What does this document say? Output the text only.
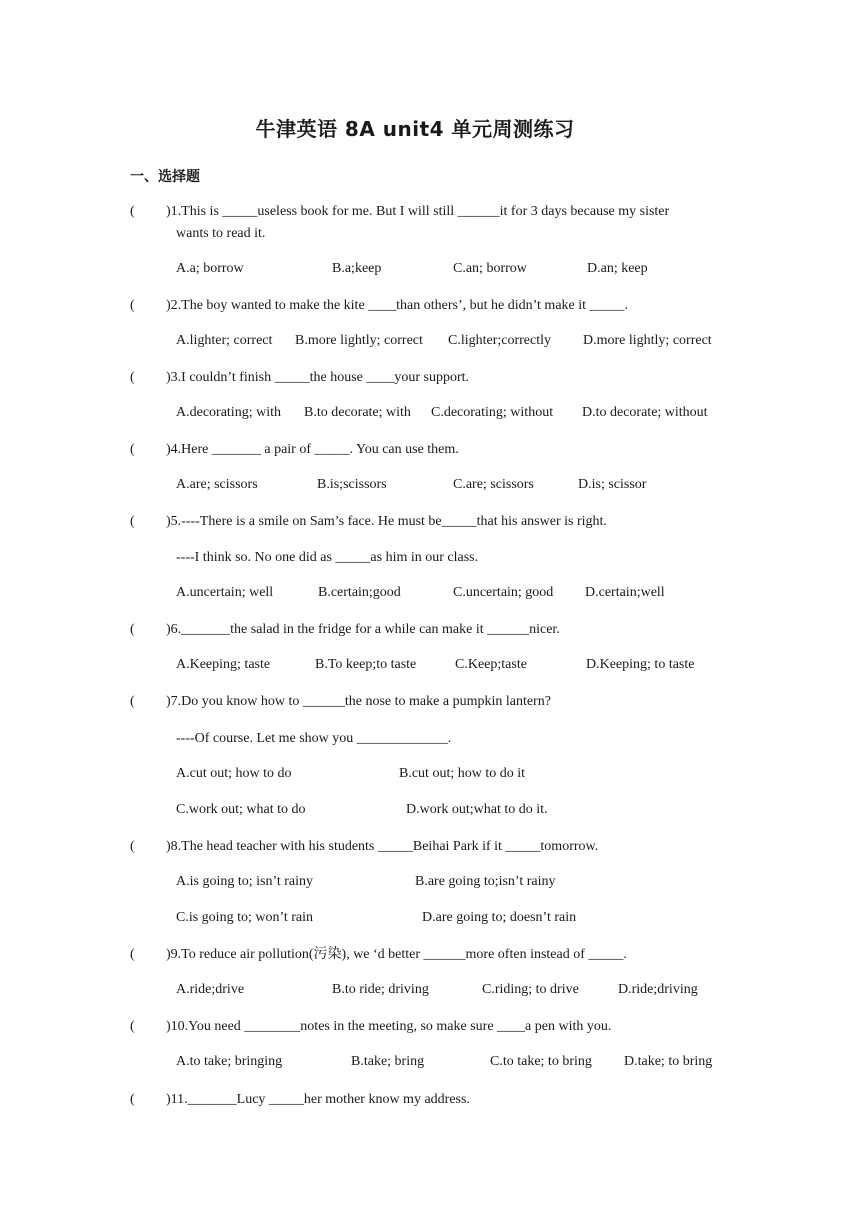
牛津英语 8A unit4 单元周测练习
一、选择题
( )1.This is _____useless book for me. But I will still ______it for 3 days because my sister
wants to read it.
A.a; borrow	B.a;keep	C.an; borrow	D.an; keep
( )2.The boy wanted to make the kite ____than others’, but he didn’t make it _____.
A.lighter; correct B.more lightly; correct C.lighter;correctly D.more lightly; correct
( )3.I couldn’t finish _____the house ____your support.
A.decorating; with B.to decorate; with C.decorating; without D.to decorate; without
( )4.Here _______ a pair of _____. You can use them.
A.are; scissors	B.is;scissors	C.are; scissors	D.is; scissor
( )5.----There is a smile on Sam’s face. He must be_____that his answer is right.
----I think so. No one did as _____as him in our class.
A.uncertain; well	B.certain;good	C.uncertain; good D.certain;well
( )6._______the salad in the fridge for a while can make it ______nicer.
A.Keeping; taste	B.To keep;to taste	C.Keep;taste	D.Keeping; to taste
( )7.Do you know how to ______the nose to make a pumpkin lantern?
----Of course. Let me show you _____________.
A.cut out; how to do	B.cut out; how to do it
C.work out; what to do	D.work out;what to do it.
( )8.The head teacher with his students _____Beihai Park if it _____tomorrow.
A.is going to; isn’t rainy	B.are going to;isn’t rainy
C.is going to; won’t rain	D.are going to; doesn’t rain
( )9.To reduce air pollution(污染), we ‘d better ______more often instead of _____.
A.ride;drive	B.to ride; driving	C.riding; to drive	D.ride;driving
( )10.You need ________notes in the meeting, so make sure ____a pen with you.
A.to take; bringing	B.take; bring	C.to take; to bring D.take; to bring
( )11._______Lucy _____her mother know my address.
